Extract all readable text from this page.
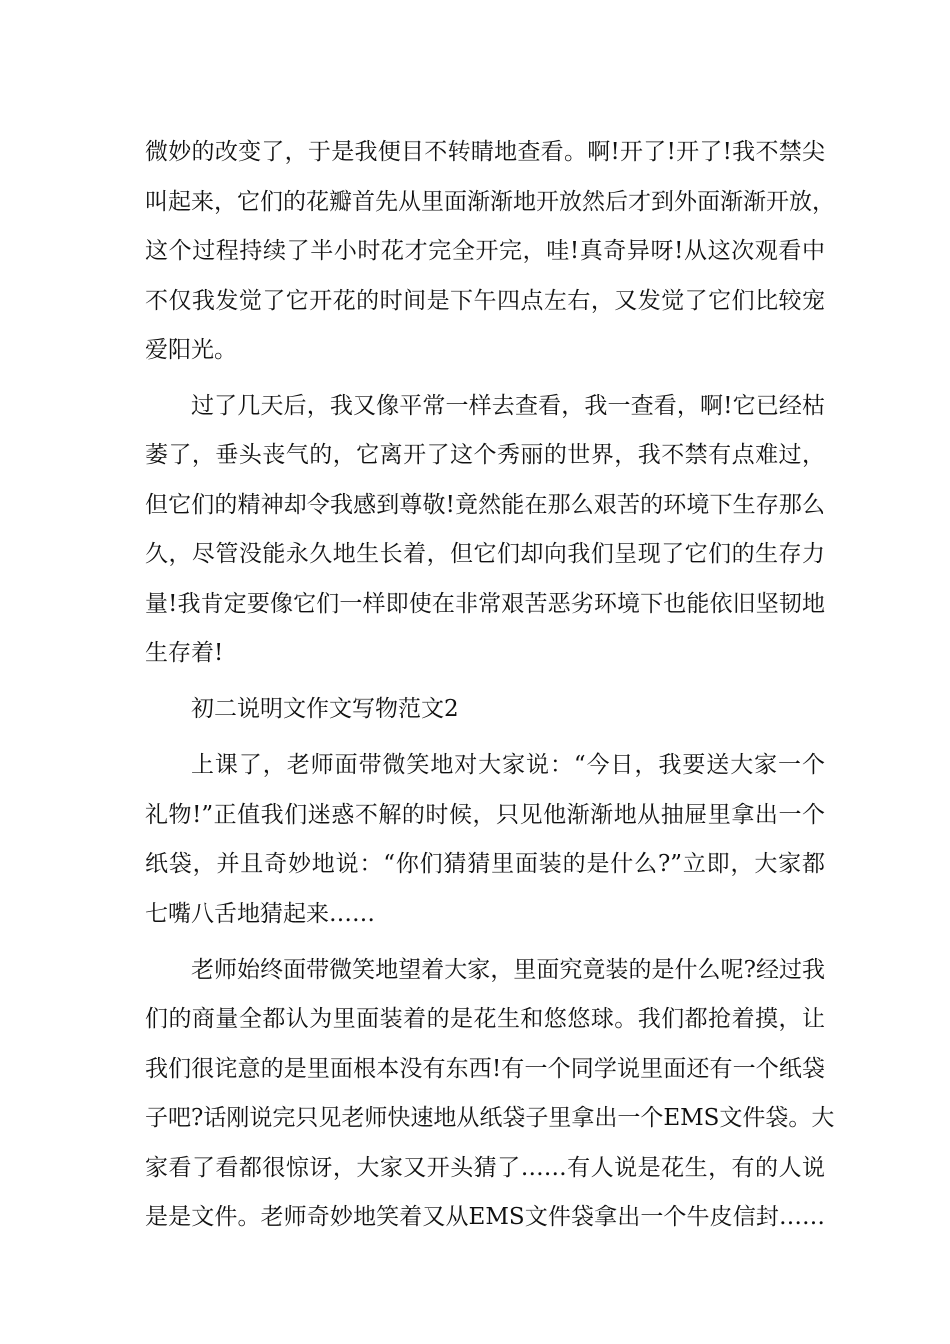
微妙的改变了，于是我便目不转睛地查看。啊!开了!开了!我不禁尖
叫起来，它们的花瓣首先从里面渐渐地开放然后才到外面渐渐开放，
这个过程持续了半小时花才完全开完，哇!真奇异呀!从这次观看中
不仅我发觉了它开花的时间是下午四点左右，又发觉了它们比较宠
爱阳光。
过了几天后，我又像平常一样去查看，我一查看，啊!它已经枯
萎了，垂头丧气的，它离开了这个秀丽的世界，我不禁有点难过，
但它们的精神却令我感到尊敬!竟然能在那么艰苦的环境下生存那么
久，尽管没能永久地生长着，但它们却向我们呈现了它们的生存力
量!我肯定要像它们一样即使在非常艰苦恶劣环境下也能依旧坚韧地
生存着!
初二说明文作文写物范文2
上课了，老师面带微笑地对大家说：“今日，我要送大家一个
礼物!”正值我们迷惑不解的时候，只见他渐渐地从抽屉里拿出一个
纸袋，并且奇妙地说：“你们猜猜里面装的是什么?”立即，大家都
七嘴八舌地猜起来……
老师始终面带微笑地望着大家，里面究竟装的是什么呢?经过我
们的商量全都认为里面装着的是花生和悠悠球。我们都抢着摸，让
我们很诧意的是里面根本没有东西!有一个同学说里面还有一个纸袋
子吧?话刚说完只见老师快速地从纸袋子里拿出一个EMS文件袋。大
家看了看都很惊讶，大家又开头猜了……有人说是花生，有的人说
是是文件。老师奇妙地笑着又从EMS文件袋拿出一个牛皮信封……
